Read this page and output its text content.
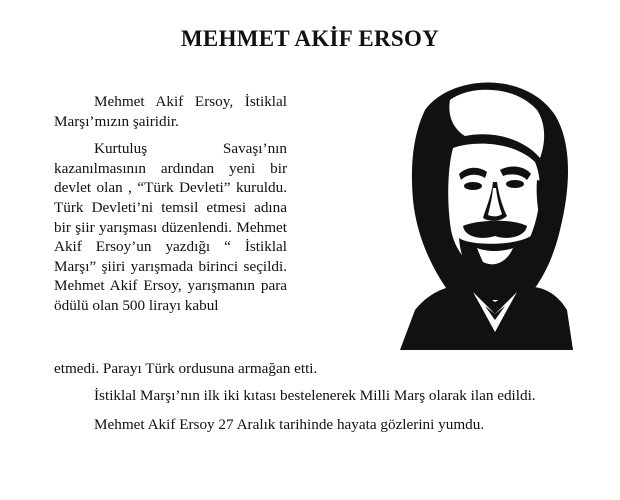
MEHMET AKİF ERSOY

Mehmet Akif Ersoy, İstiklal Marşı’mızın şairidir.

Kurtuluş Savaşı’nın kazanılmasının ardından yeni bir devlet olan , “Türk Devleti” kuruldu. Türk Devleti’ni temsil etmesi adına bir şiir yarışması düzenlendi. Mehmet Akif Ersoy’un yazdığı “ İstiklal Marşı” şiiri yarışmada birinci seçildi. Mehmet Akif Ersoy, yarışmanın para ödülü olan 500 lirayı kabul

etmedi. Parayı Türk ordusuna armağan etti.

İstiklal Marşı’nın ilk iki kıtası bestelenerek Milli Marş olarak ilan edildi.

Mehmet Akif Ersoy 27 Aralık tarihinde hayata gözlerini yumdu.
